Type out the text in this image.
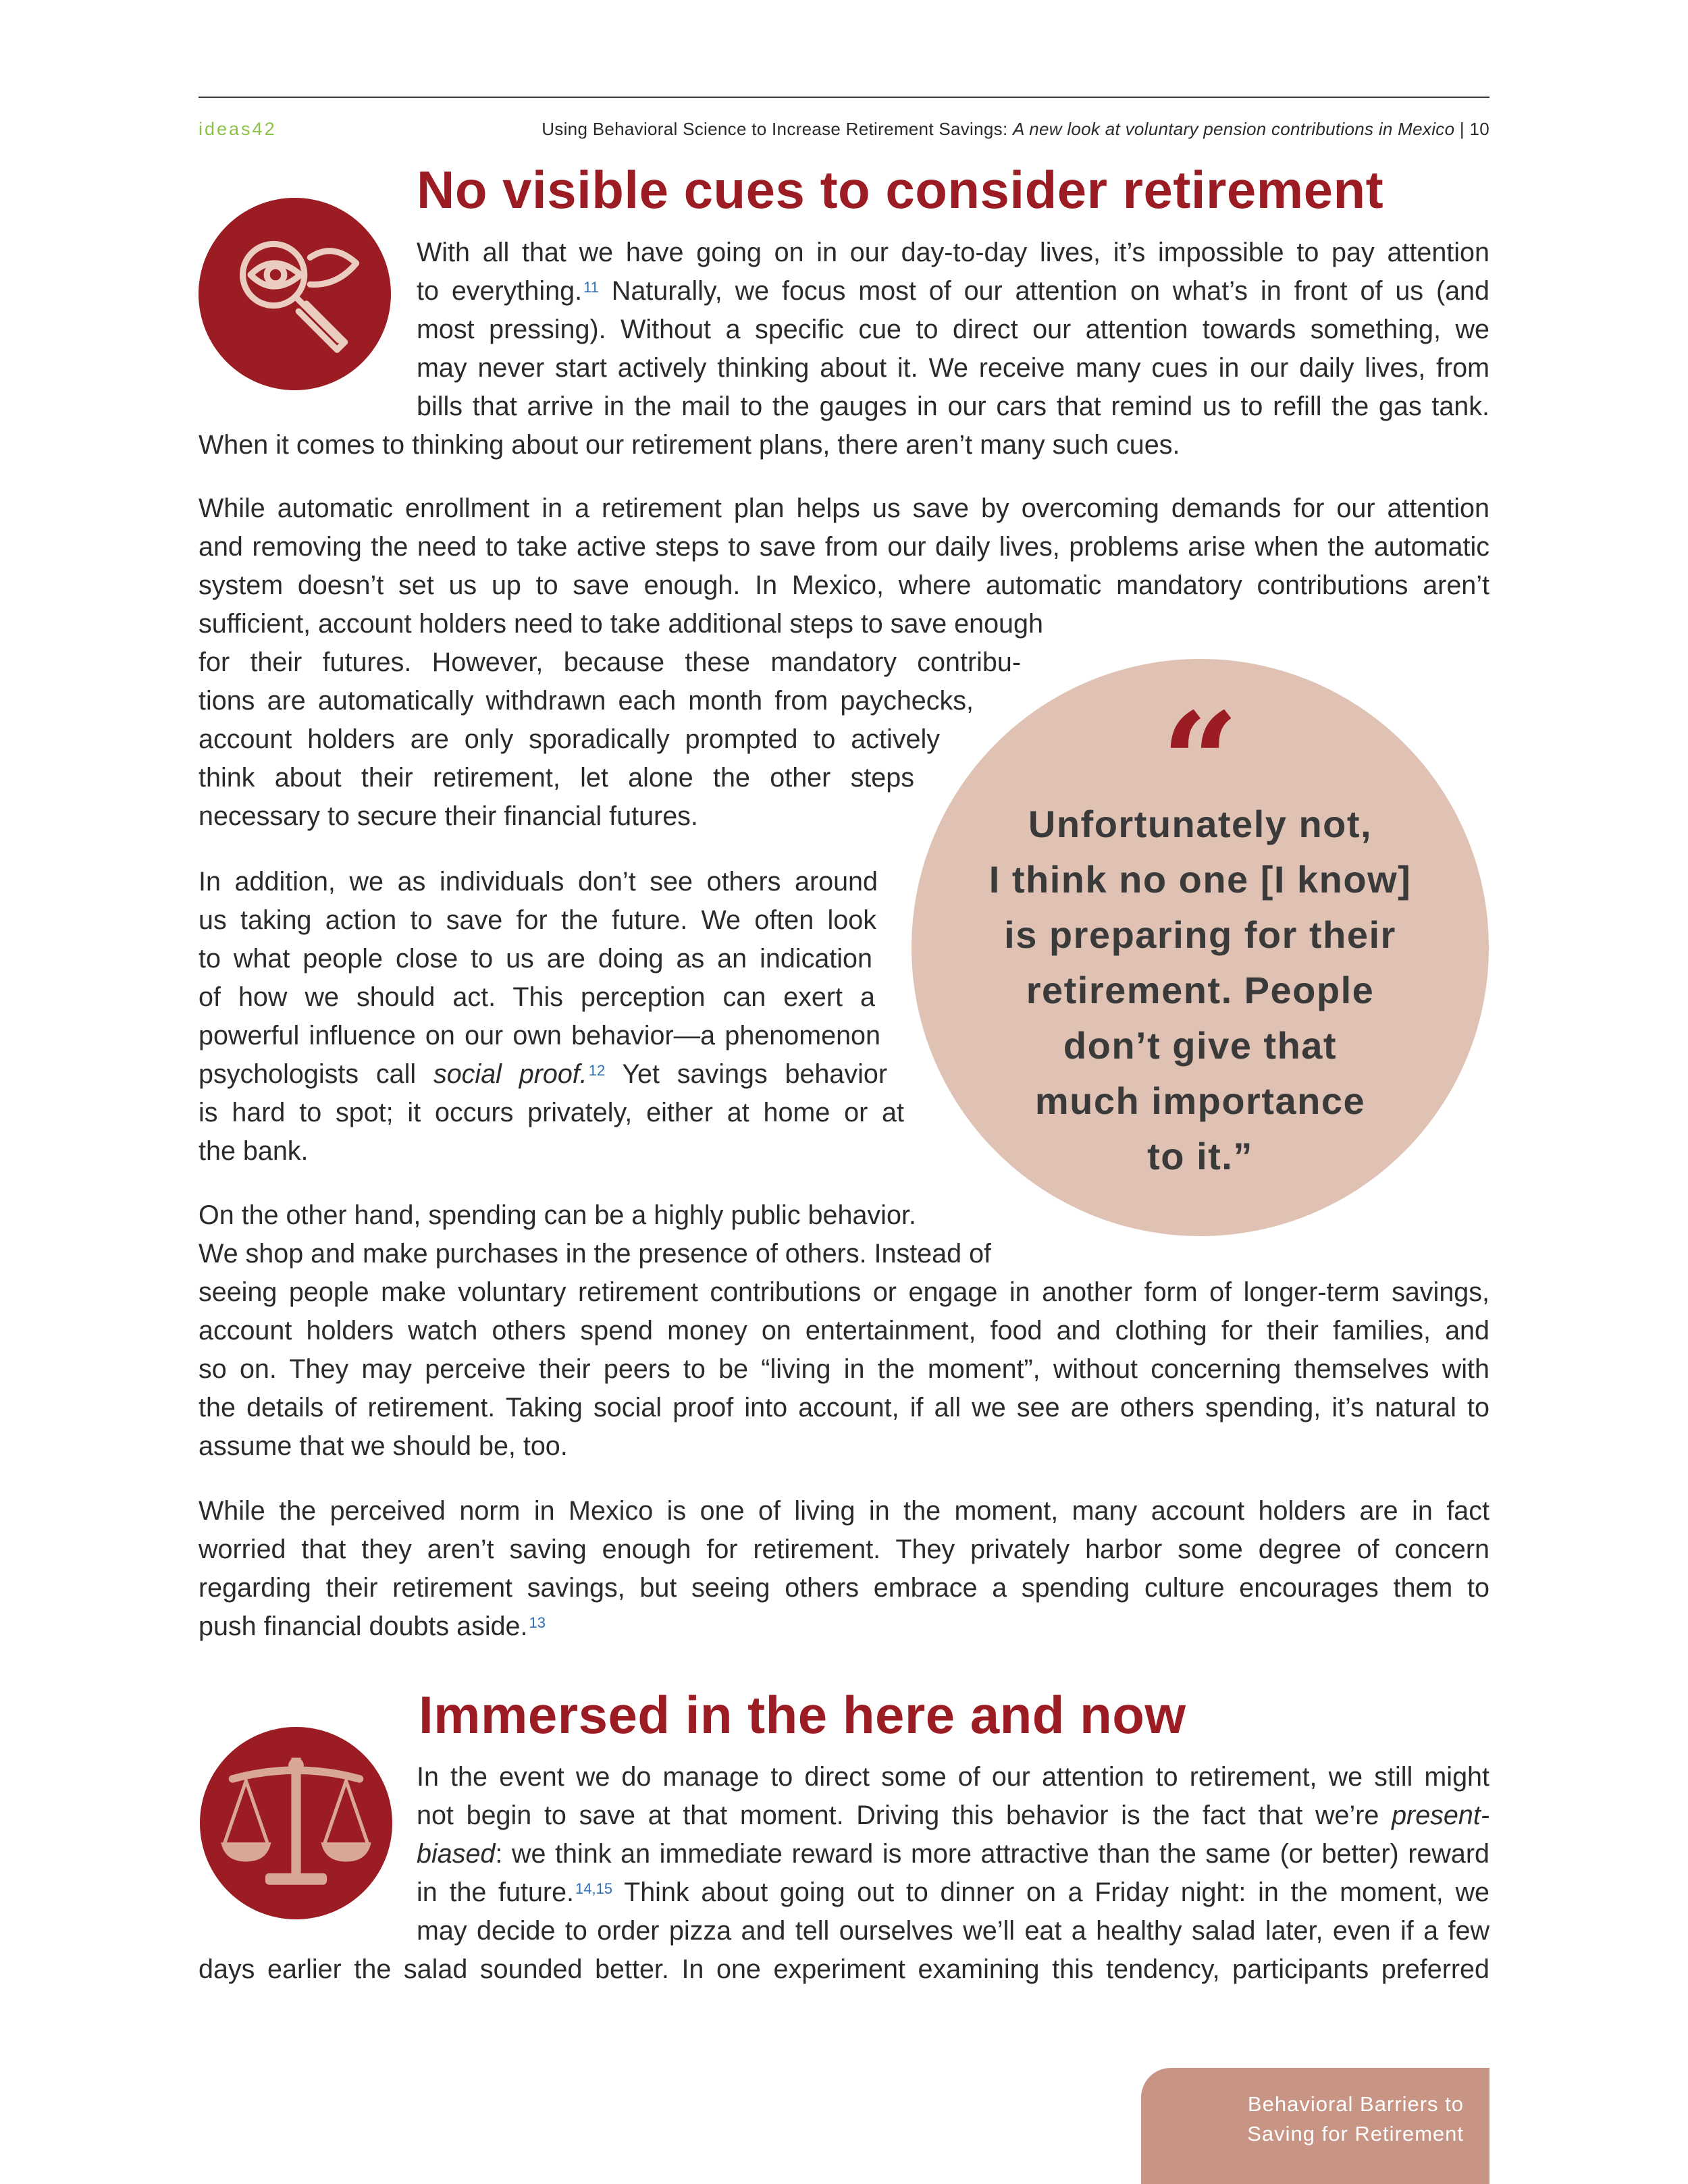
ideas42	Using Behavioral Science to Increase Retirement Savings: A new look at voluntary pension contributions in Mexico | 10
No visible cues to consider retirement
With all that we have going on in our day-to-day lives, it’s impossible to pay attention
to everything.$^{11}$ Naturally, we focus most of our attention on what’s in front of us (and
most pressing). Without a specific cue to direct our attention towards something, we
may never start actively thinking about it. We receive many cues in our daily lives, from
bills that arrive in the mail to the gauges in our cars that remind us to refill the gas tank.
When it comes to thinking about our retirement plans, there aren’t many such cues.
While automatic enrollment in a retirement plan helps us save by overcoming demands for our attention
and removing the need to take active steps to save from our daily lives, problems arise when the automatic
system doesn’t set us up to save enough. In Mexico, where automatic mandatory contributions aren’t
sufficient, account holders need to take additional steps to save enough
for their futures. However, because these mandatory contribu-
tions are automatically withdrawn each month from paychecks,
account holders are only sporadically prompted to actively
think about their retirement, let alone the other steps
necessary to secure their financial futures.
In addition, we as individuals don’t see others around
us taking action to save for the future. We often look
to what people close to us are doing as an indication
of how we should act. This perception can exert a
powerful influence on our own behavior—a phenomenon
psychologists call social proof.$^{12}$ Yet savings behavior
is hard to spot; it occurs privately, either at home or at
the bank.
On the other hand, spending can be a highly public behavior.
We shop and make purchases in the presence of others. Instead of
seeing people make voluntary retirement contributions or engage in another form of longer-term savings,
account holders watch others spend money on entertainment, food and clothing for their families, and
so on. They may perceive their peers to be “living in the moment”, without concerning themselves with
the details of retirement. Taking social proof into account, if all we see are others spending, it’s natural to
assume that we should be, too.
While the perceived norm in Mexico is one of living in the moment, many account holders are in fact
worried that they aren’t saving enough for retirement. They privately harbor some degree of concern
regarding their retirement savings, but seeing others embrace a spending culture encourages them to
push financial doubts aside.$^{13}$
“
Unfortunately not,
I think no one [I know]
is preparing for their
retirement. People
don’t give that
much importance
to it.”
Immersed in the here and now
In the event we do manage to direct some of our attention to retirement, we still might
not begin to save at that moment. Driving this behavior is the fact that we’re present-
biased: we think an immediate reward is more attractive than the same (or better) reward
in the future.$^{14,15}$ Think about going out to dinner on a Friday night: in the moment, we
may decide to order pizza and tell ourselves we’ll eat a healthy salad later, even if a few
days earlier the salad sounded better. In one experiment examining this tendency, participants preferred
Behavioral Barriers to
Saving for Retirement
